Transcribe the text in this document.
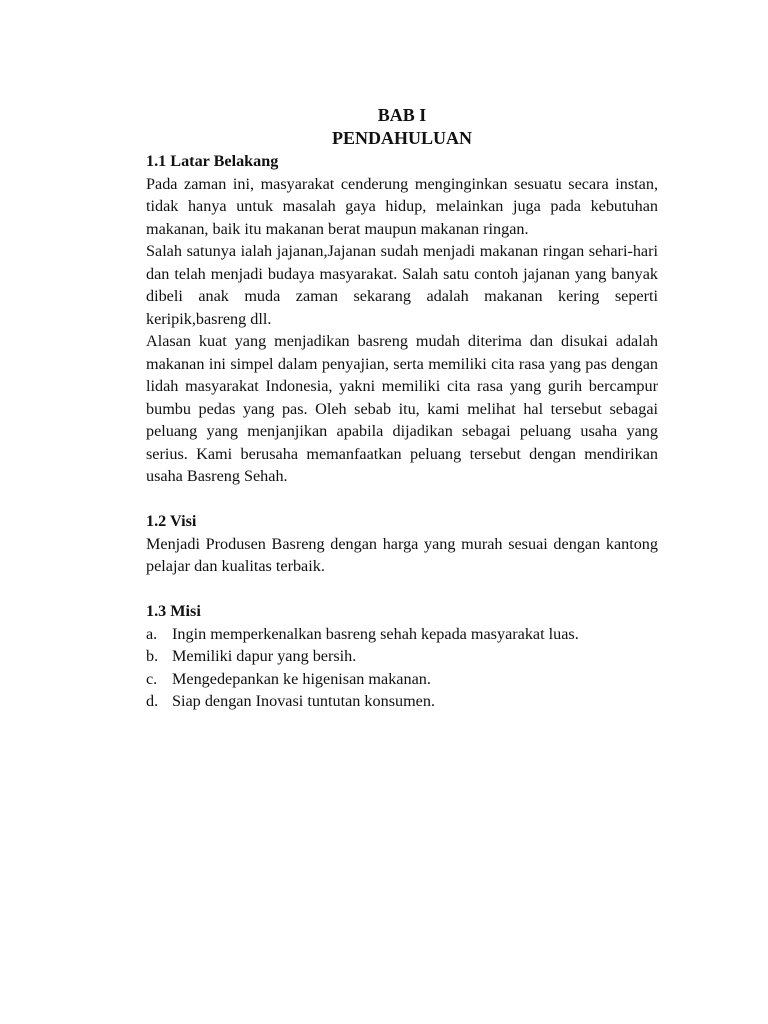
BAB I

PENDAHULUAN

1.1 Latar Belakang

Pada zaman ini, masyarakat cenderung menginginkan sesuatu secara instan, tidak hanya untuk masalah gaya hidup, melainkan juga pada kebutuhan makanan, baik itu makanan berat maupun makanan ringan.

Salah satunya ialah jajanan,Jajanan sudah menjadi makanan ringan sehari-hari dan telah menjadi budaya masyarakat. Salah satu contoh jajanan yang banyak dibeli anak muda zaman sekarang adalah makanan kering seperti keripik,basreng dll.

Alasan kuat yang menjadikan basreng mudah diterima dan disukai adalah makanan ini simpel dalam penyajian, serta memiliki cita rasa yang pas dengan lidah masyarakat Indonesia, yakni memiliki cita rasa yang gurih bercampur bumbu pedas yang pas. Oleh sebab itu, kami melihat hal tersebut sebagai peluang yang menjanjikan apabila dijadikan sebagai peluang usaha yang serius. Kami berusaha memanfaatkan peluang tersebut dengan mendirikan usaha Basreng Sehah.

1.2 Visi

Menjadi Produsen Basreng dengan harga yang murah sesuai dengan kantong pelajar dan kualitas terbaik.

1.3 Misi

a. Ingin memperkenalkan basreng sehah kepada masyarakat luas.
b. Memiliki dapur yang bersih.
c. Mengedepankan ke higenisan makanan.
d. Siap dengan Inovasi tuntutan konsumen.
